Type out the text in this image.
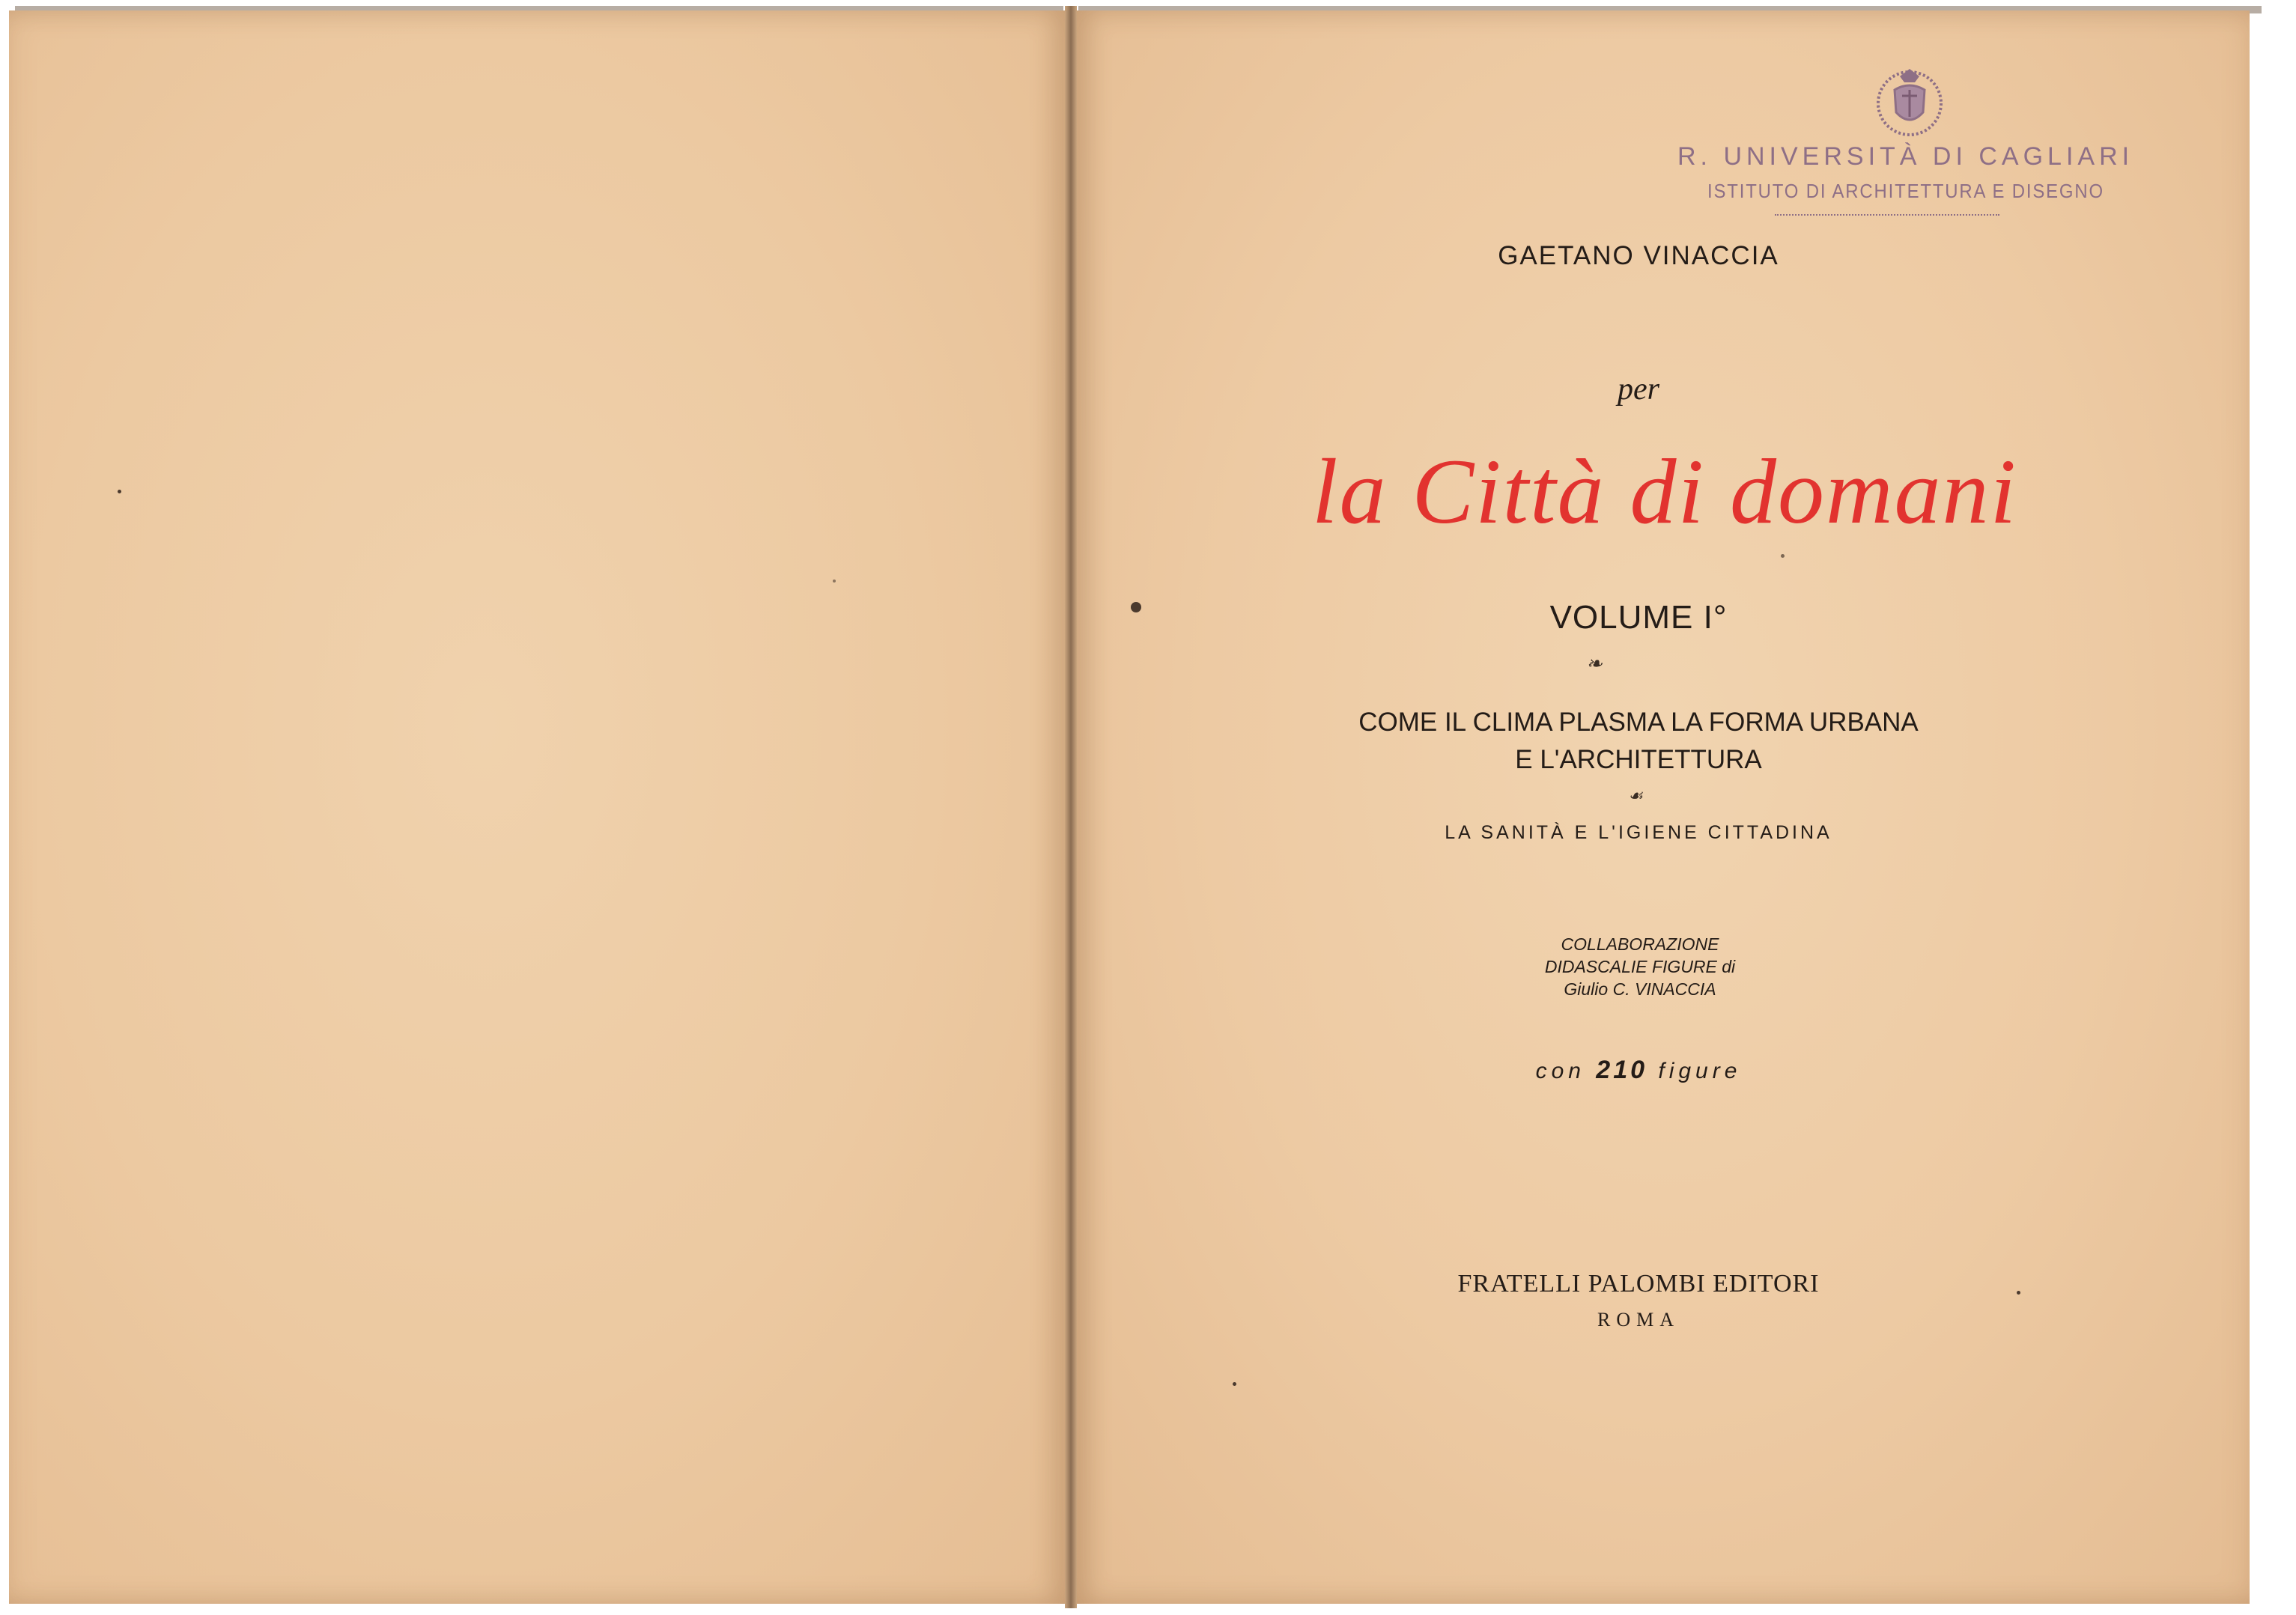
R. UNIVERSITÀ DI CAGLIARI
ISTITUTO DI ARCHITETTURA E DISEGNO
GAETANO VINACCIA
per
la Città di domani
VOLUME I°
❧
COME IL CLIMA PLASMA LA FORMA URBANA
E L'ARCHITETTURA
☙
LA SANITÀ E L'IGIENE CITTADINA
COLLABORAZIONE
DIDASCALIE FIGURE di
Giulio C. VINACCIA
con 210 figure
FRATELLI PALOMBI EDITORI
ROMA
